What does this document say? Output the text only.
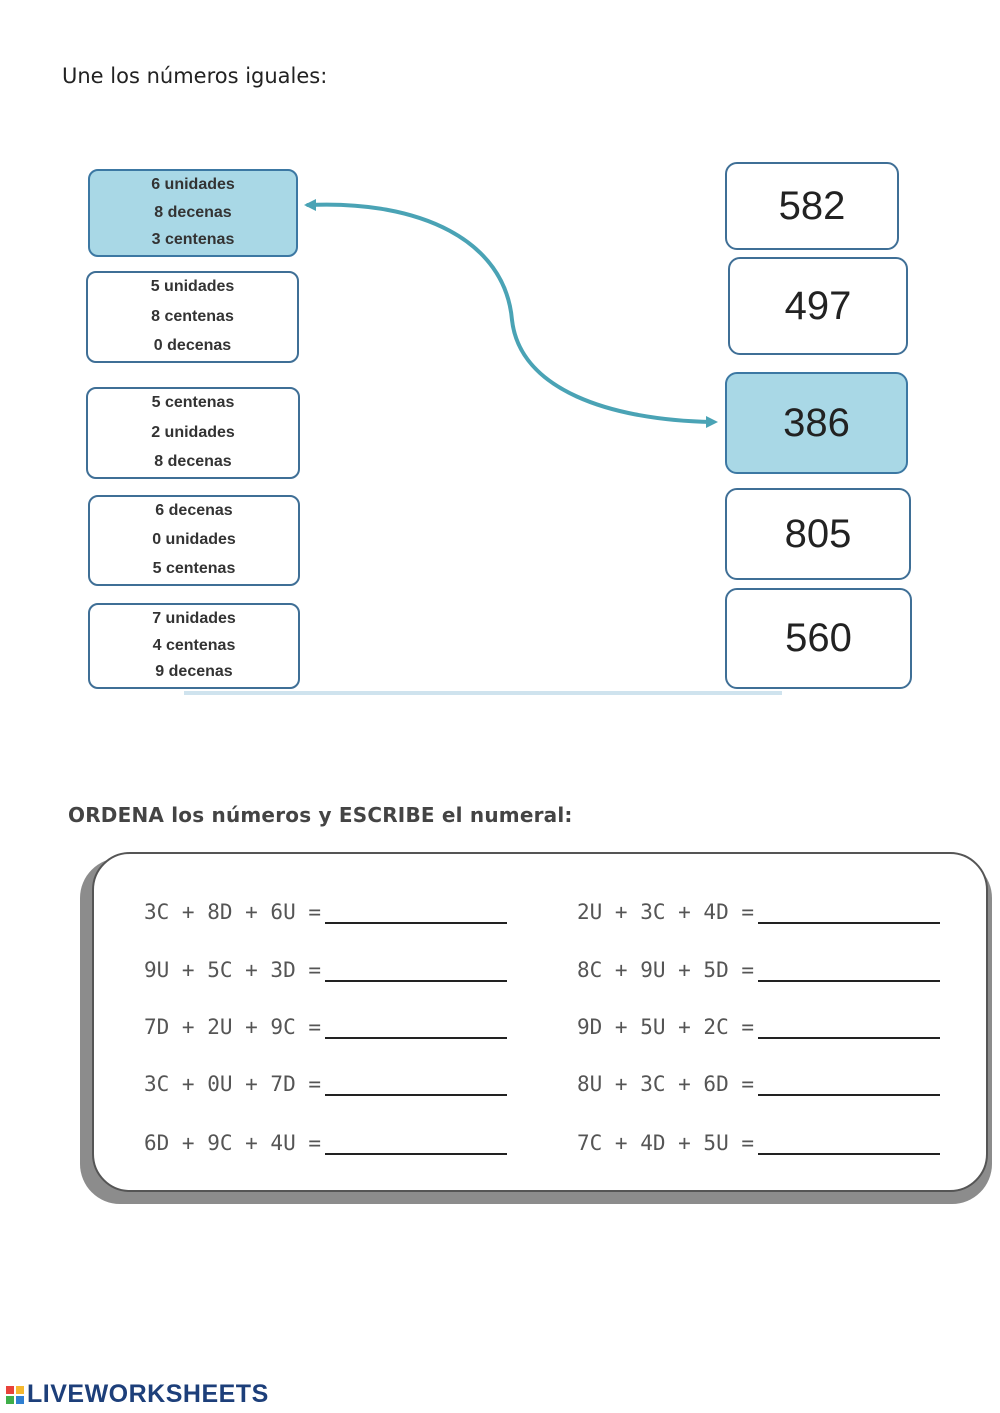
Une los números iguales:
6 unidades
8 decenas
3 centenas
5 unidades
8 centenas
0 decenas
5 centenas
2 unidades
8 decenas
6 decenas
0 unidades
5 centenas
7 unidades
4 centenas
9 decenas
582
497
386
805
560
ORDENA los números y ESCRIBE el numeral:
3C + 8D + 6U =
9U + 5C + 3D =
7D + 2U + 9C =
3C + 0U + 7D =
6D + 9C + 4U =
2U + 3C + 4D =
8C + 9U + 5D =
9D + 5U + 2C =
8U + 3C + 6D =
7C + 4D + 5U =
LIVEWORKSHEETS
